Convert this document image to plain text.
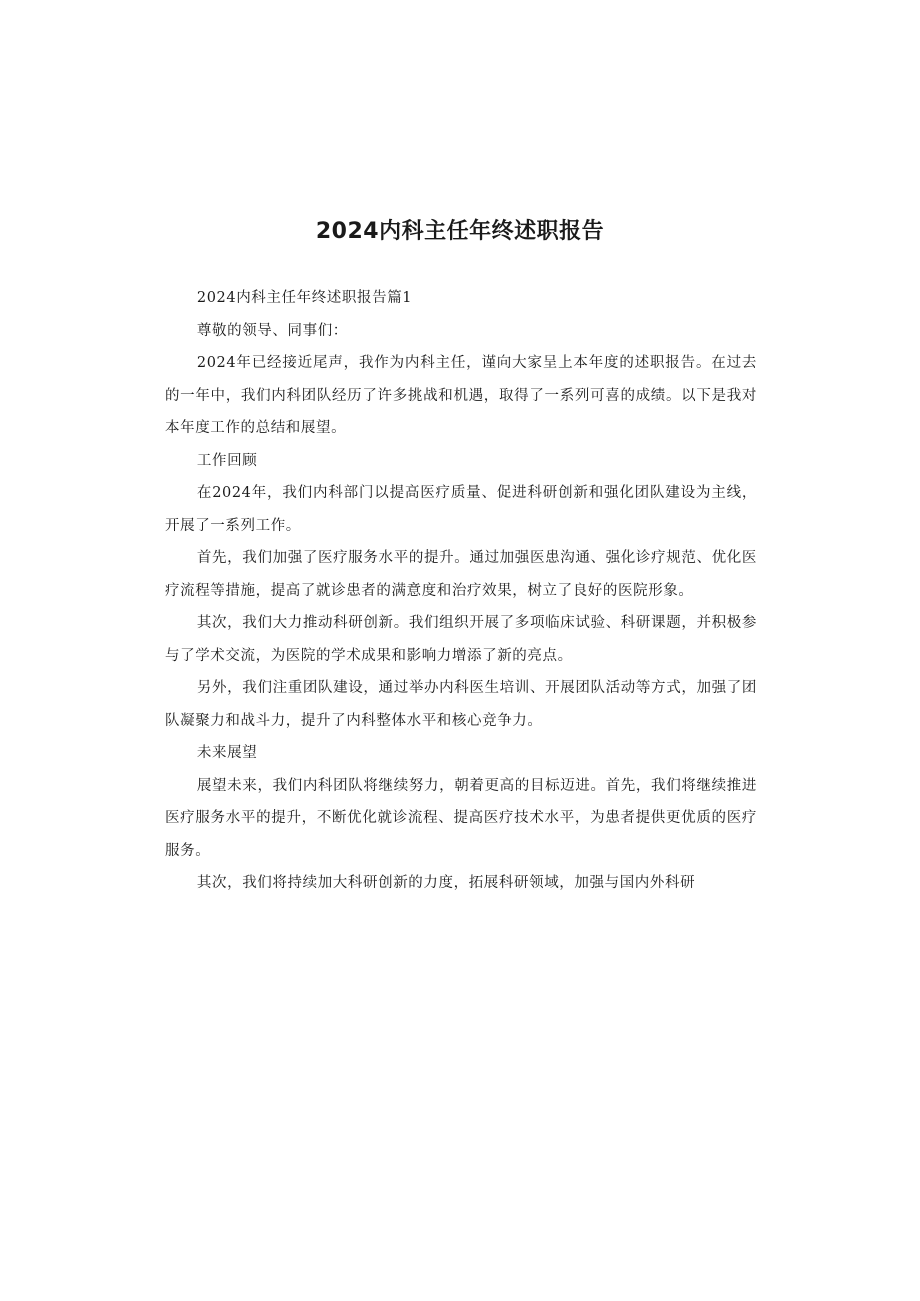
2024内科主任年终述职报告

2024内科主任年终述职报告篇1

尊敬的领导、同事们：

2024年已经接近尾声，我作为内科主任，谨向大家呈上本年度的述职报告。在过去的一年中，我们内科团队经历了许多挑战和机遇，取得了一系列可喜的成绩。以下是我对本年度工作的总结和展望。

工作回顾

在2024年，我们内科部门以提高医疗质量、促进科研创新和强化团队建设为主线，开展了一系列工作。

首先，我们加强了医疗服务水平的提升。通过加强医患沟通、强化诊疗规范、优化医疗流程等措施，提高了就诊患者的满意度和治疗效果，树立了良好的医院形象。

其次，我们大力推动科研创新。我们组织开展了多项临床试验、科研课题，并积极参与了学术交流，为医院的学术成果和影响力增添了新的亮点。

另外，我们注重团队建设，通过举办内科医生培训、开展团队活动等方式，加强了团队凝聚力和战斗力，提升了内科整体水平和核心竞争力。

未来展望

展望未来，我们内科团队将继续努力，朝着更高的目标迈进。首先，我们将继续推进医疗服务水平的提升，不断优化就诊流程、提高医疗技术水平，为患者提供更优质的医疗服务。

其次，我们将持续加大科研创新的力度，拓展科研领域，加强与国内外科研
